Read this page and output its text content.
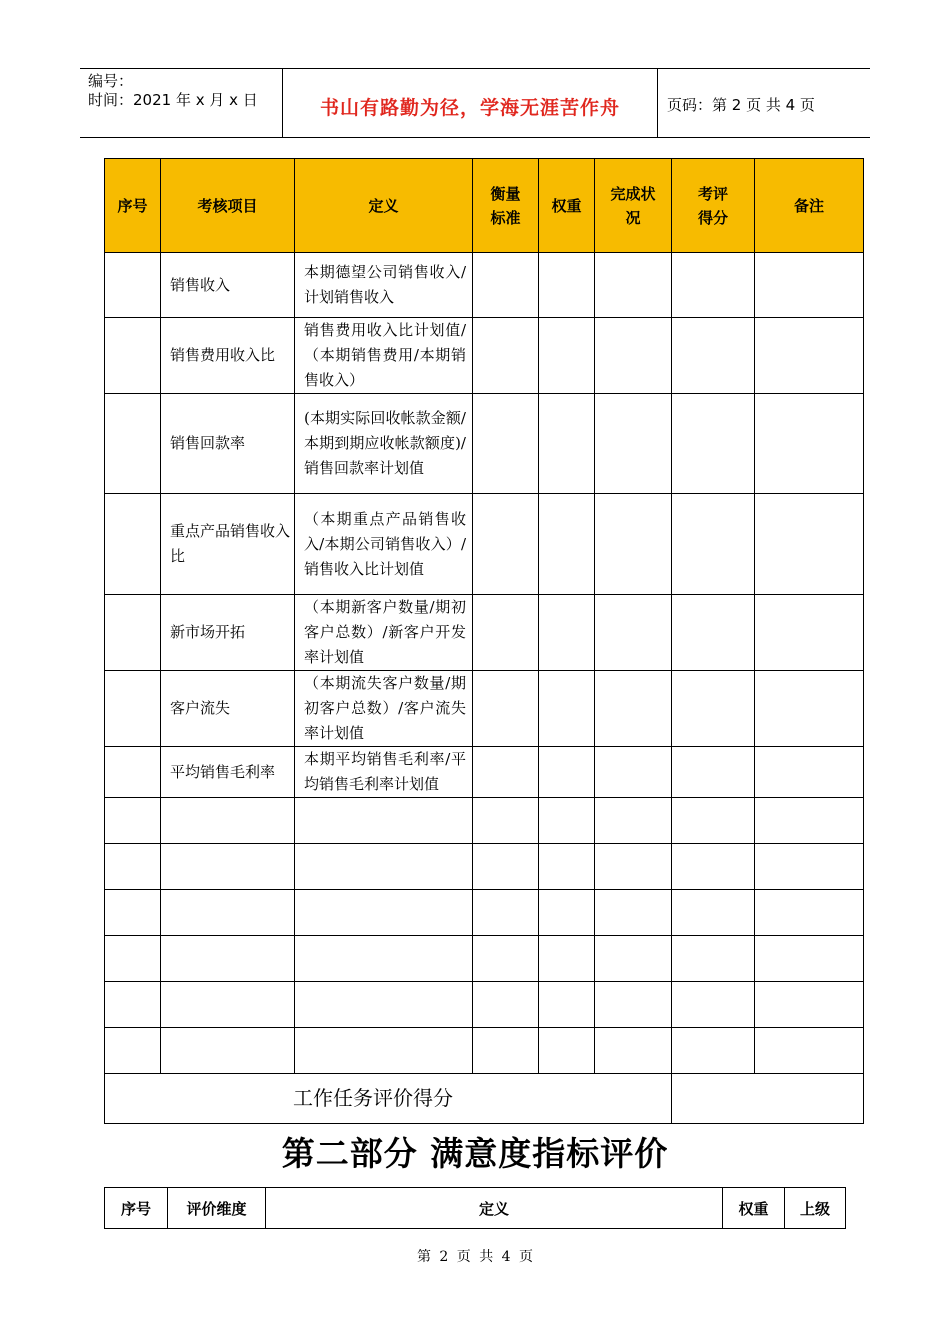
编号：
时间：2021 年 x 月 x 日	书山有路勤为径，学海无涯苦作舟	页码：第 2 页 共 4 页
序号	考核项目	定义	衡量标准	权重	完成状况	考评得分	备注
	销售收入	本期德望公司销售收入/计划销售收入					
	销售费用收入比	销售费用收入比计划值/（本期销售费用/本期销售收入）					
	销售回款率	(本期实际回收帐款金额/本期到期应收帐款额度)/销售回款率计划值					
	重点产品销售收入比	（本期重点产品销售收入/本期公司销售收入）/销售收入比计划值					
	新市场开拓	（本期新客户数量/期初客户总数）/新客户开发率计划值					
	客户流失	（本期流失客户数量/期初客户总数）/客户流失率计划值					
	平均销售毛利率	本期平均销售毛利率/平均销售毛利率计划值					

工作任务评价得分							
第二部分 满意度指标评价
序号	评价维度	定义	权重	上级
第 2 页 共 4 页
